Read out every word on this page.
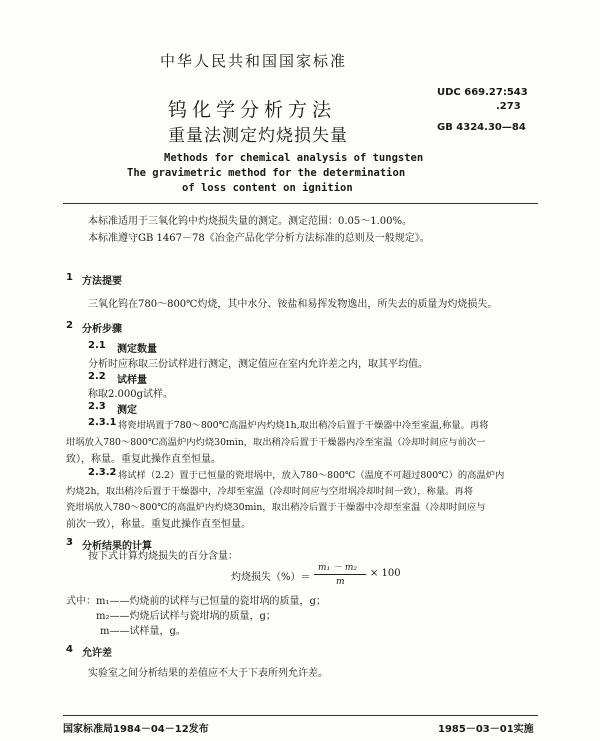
中华人民共和国国家标准
钨化学分析方法
重量法测定灼烧损失量
UDC 669.27:543
.273
GB 4324.30—84
Methods for chemical analysis of tungsten
The gravimetric method for the determination
of loss content on ignition
本标准适用于三氧化钨中灼烧损失量的测定。测定范围：0.05～1.00%。
本标准遵守GB 1467－78《冶金产品化学分析方法标准的总则及一般规定》。
1 方法提要
三氧化钨在780～800℃灼烧，其中水分、铵盐和易挥发物逸出，所失去的质量为灼烧损失。
2 分析步骤
2.1 测定数量
分析时应称取三份试样进行测定，测定值应在室内允许差之内，取其平均值。
2.2 试样量
称取2.000g试样。
2.3 测定
2.3.1 将瓷坩埚置于780～800℃高温炉内灼烧1h,取出稍冷后置于干燥器中冷至室温,称量。再将
坩埚放入780～800℃高温炉内灼烧30min，取出稍冷后置于干燥器内冷至室温（冷却时间应与前次一
致），称量。重复此操作直至恒量。
2.3.2 将试样（2.2）置于已恒量的瓷坩埚中，放入780～800℃（温度不可超过800℃）的高温炉内
灼烧2h，取出稍冷后置于干燥器中，冷却至室温（冷却时间应与空坩埚冷却时间一致），称量。再将
瓷坩埚放入780～800℃的高温炉内灼烧30min，取出稍冷后置于干燥器中冷却至室温（冷却时间应与
前次一致），称量。重复此操作直至恒量。
3 分析结果的计算
按下式计算灼烧损失的百分含量：
灼烧损失（%）＝
m₁ － m₂
m
× 100
式中： m₁——灼烧前的试样与已恒量的瓷坩埚的质量，g；
m₂——灼烧后试样与瓷坩埚的质量，g；
m——试样量，g。
4 允许差
实验室之间分析结果的差值应不大于下表所列允许差。
国家标准局1984－04－12发布	1985－03－01实施
